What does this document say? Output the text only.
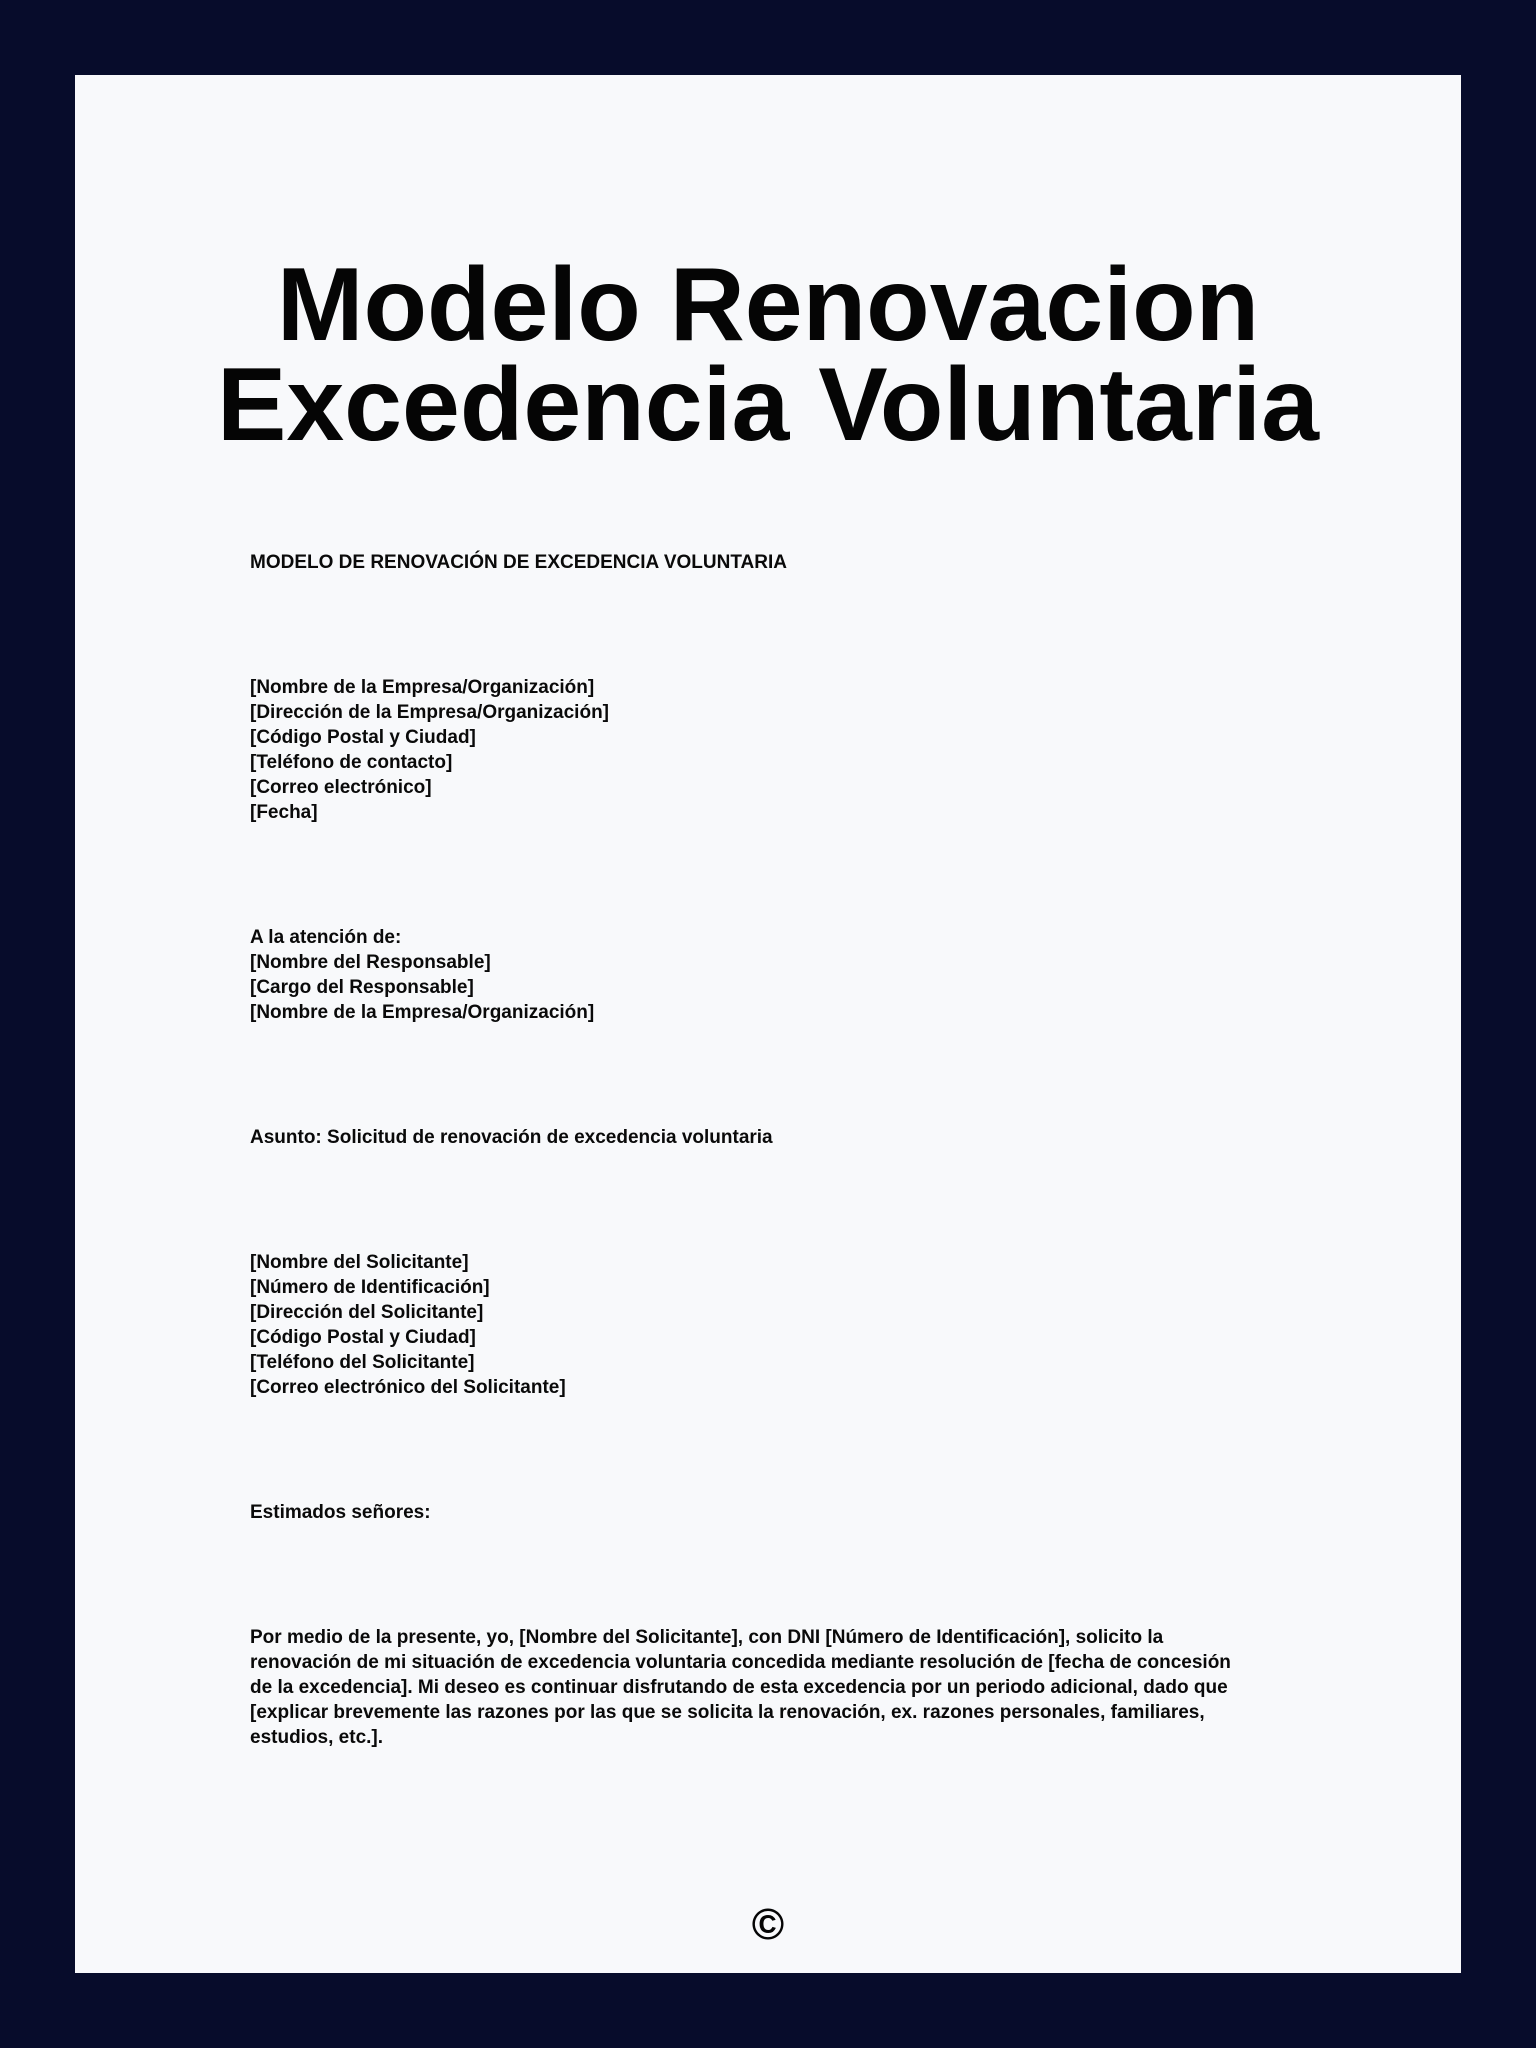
Modelo Renovacion
Excedencia Voluntaria
MODELO DE RENOVACIÓN DE EXCEDENCIA VOLUNTARIA
[Nombre de la Empresa/Organización]
[Dirección de la Empresa/Organización]
[Código Postal y Ciudad]
[Teléfono de contacto]
[Correo electrónico]
[Fecha]
A la atención de:
[Nombre del Responsable]
[Cargo del Responsable]
[Nombre de la Empresa/Organización]
Asunto: Solicitud de renovación de excedencia voluntaria
[Nombre del Solicitante]
[Número de Identificación]
[Dirección del Solicitante]
[Código Postal y Ciudad]
[Teléfono del Solicitante]
[Correo electrónico del Solicitante]
Estimados señores:

Por medio de la presente, yo, [Nombre del Solicitante], con DNI [Número de Identificación], solicito la renovación de mi situación de excedencia voluntaria concedida mediante resolución de [fecha de concesión de la excedencia]. Mi deseo es continuar disfrutando de esta excedencia por un periodo adicional, dado que [explicar brevemente las razones por las que se solicita la renovación, ex. razones personales, familiares, estudios, etc.].

©
